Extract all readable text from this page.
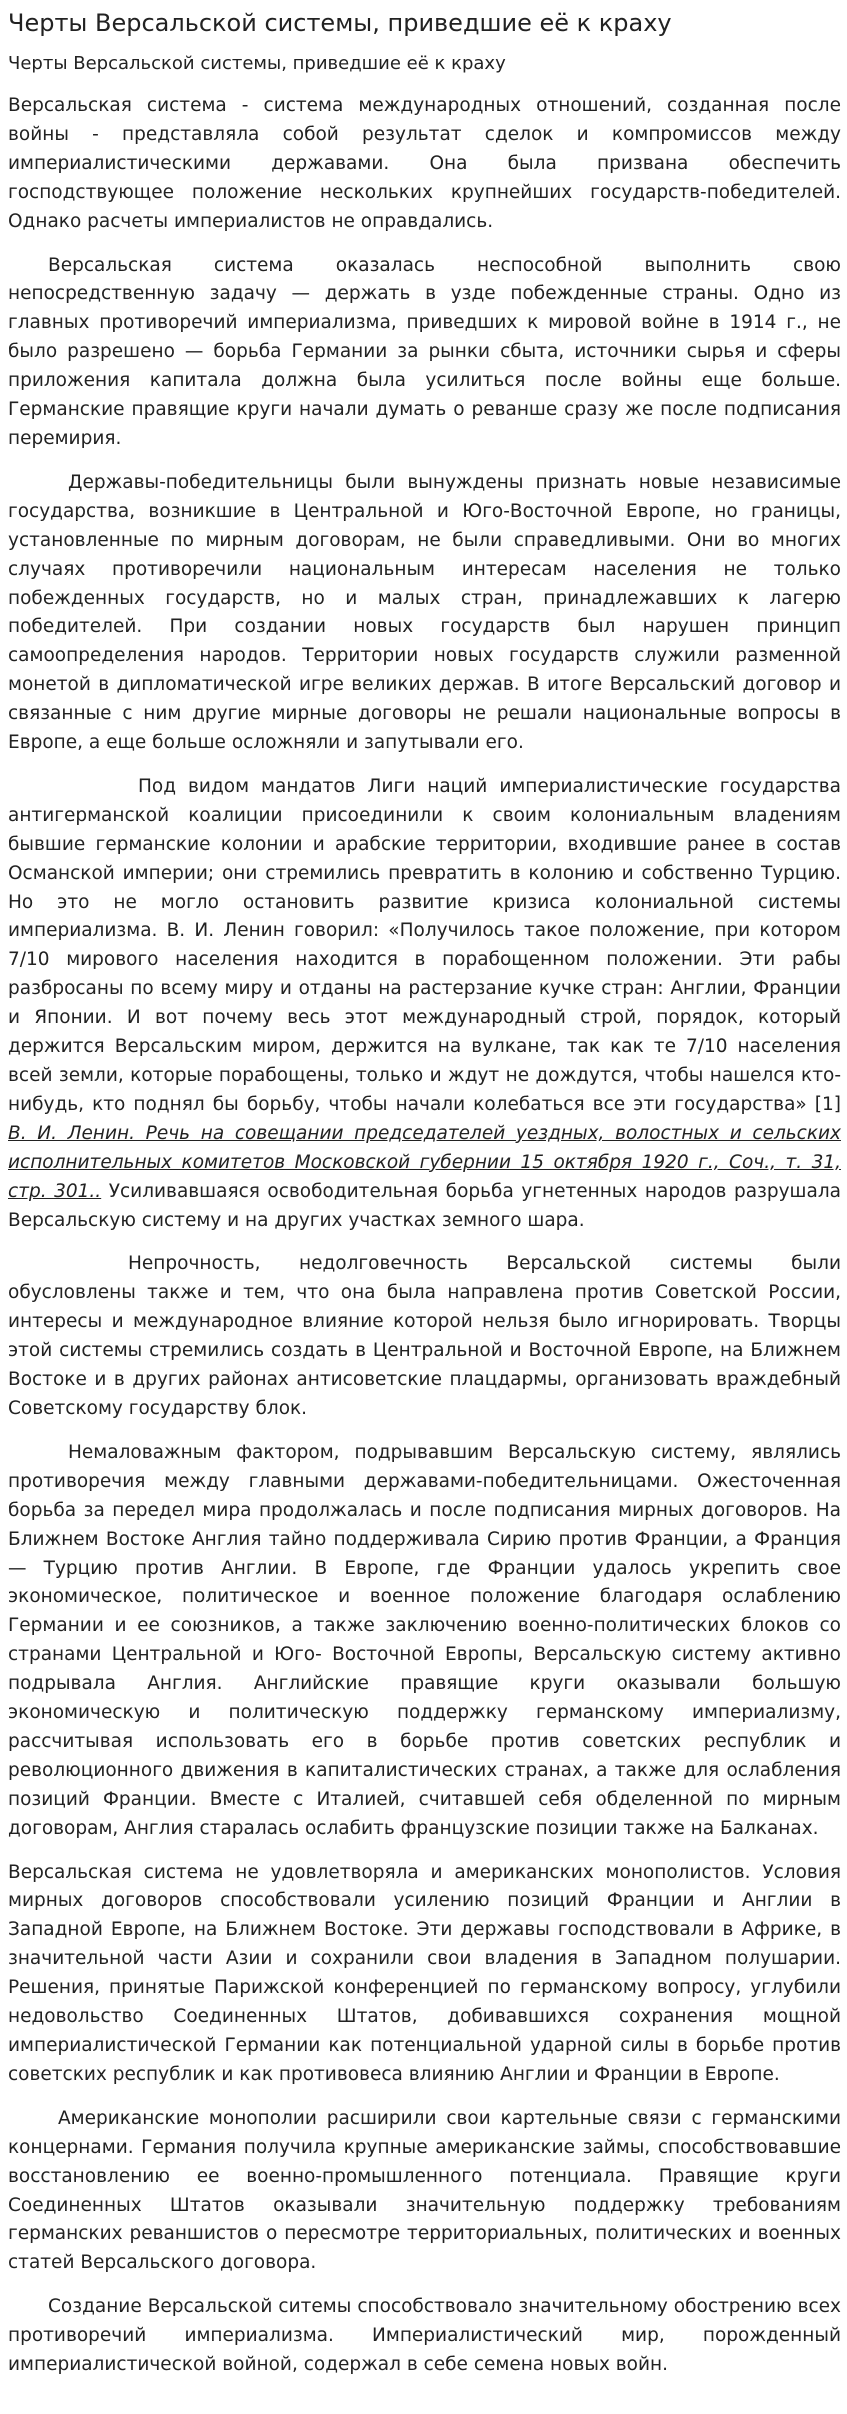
Черты Версальской системы, приведшие её к краху
Черты Версальской системы, приведшие её к краху

Версальская система - система международных отношений, созданная после войны - представляла собой результат сделок и компромиссов между империалистическими державами. Она была призвана обеспечить господствующее положение нескольких крупнейших государств-победителей. Однако расчеты империалистов не оправдались.

Версальская система оказалась неспособной выполнить свою непосредственную задачу — держать в узде побежденные страны. Одно из главных противоречий империализма, приведших к мировой войне в 1914 г., не было разрешено — борьба Германии за рынки сбыта, источники сырья и сферы приложения капитала должна была усилиться после войны еще больше. Германские правящие круги начали думать о реванше сразу же после подписания перемирия.

Державы-победительницы были вынуждены признать новые независимые государства, возникшие в Центральной и Юго-Восточной Европе, но границы, установленные по мирным договорам, не были справедливыми. Они во многих случаях противоречили национальным интересам населения не только побежденных государств, но и малых стран, принадлежавших к лагерю победителей. При создании новых государств был нарушен принцип самоопределения народов. Территории новых государств служили разменной монетой в дипломатической игре великих держав. В итоге Версальский договор и связанные с ним другие мирные договоры не решали национальные вопросы в Европе, а еще больше осложняли и запутывали его.

Под видом мандатов Лиги наций империалистические государства антигерманской коалиции присоединили к своим колониальным владениям бывшие германские колонии и арабские территории, входившие ранее в состав Османской империи; они стремились превратить в колонию и собственно Турцию. Но это не могло остановить развитие кризиса колониальной системы империализма. В. И. Ленин говорил: «Получилось такое положение, при котором 7/10 мирового населения находится в порабощенном положении. Эти рабы разбросаны по всему миру и отданы на растерзание кучке стран: Англии, Франции и Японии. И вот почему весь этот международный строй, порядок, который держится Версальским миром, держится на вулкане, так как те 7/10 населения всей земли, которые порабощены, только и ждут не дождутся, чтобы нашелся кто-нибудь, кто поднял бы борьбу, чтобы начали колебаться все эти государства» [1] В. И. Ленин. Речь на совещании председателей уездных, волостных и сельских исполнительных комитетов Московской губернии 15 октября 1920 г., Соч., т. 31, стр. 301.. Усиливавшаяся освободительная борьба угнетенных народов разрушала Версальскую систему и на других участках земного шара.

Непрочность, недолговечность Версальской системы были обусловлены также и тем, что она была направлена против Советской России, интересы и международное влияние которой нельзя было игнорировать. Творцы этой системы стремились создать в Центральной и Восточной Европе, на Ближнем Востоке и в других районах антисоветские плацдармы, организовать враждебный Советскому государству блок.

Немаловажным фактором, подрывавшим Версальскую систему, являлись противоречия между главными державами-победительницами. Ожесточенная борьба за передел мира продолжалась и после подписания мирных договоров. На Ближнем Востоке Англия тайно поддерживала Сирию против Франции, а Франция — Турцию против Англии. В Европе, где Франции удалось укрепить свое экономическое, политическое и военное положение благодаря ослаблению Германии и ее союзников, а также заключению военно-политических блоков со странами Центральной и Юго- Восточной Европы, Версальскую систему активно подрывала Англия. Английские правящие круги оказывали большую экономическую и политическую поддержку германскому империализму, рассчитывая использовать его в борьбе против советских республик и революционного движения в капиталистических странах, а также для ослабления позиций Франции. Вместе с Италией, считавшей себя обделенной по мирным договорам, Англия старалась ослабить французские позиции также на Балканах.

Версальская система не удовлетворяла и американских монополистов. Условия мирных договоров способствовали усилению позиций Франции и Англии в Западной Европе, на Ближнем Востоке. Эти державы господствовали в Африке, в значительной части Азии и сохранили свои владения в Западном полушарии. Решения, принятые Парижской конференцией по германскому вопросу, углубили недовольство Соединенных Штатов, добивавшихся сохранения мощной империалистической Германии как потенциальной ударной силы в борьбе против советских республик и как противовеса влиянию Англии и Франции в Европе.

Американские монополии расширили свои картельные связи с германскими концернами. Германия получила крупные американские займы, способствовавшие восстановлению ее военно-промышленного потенциала. Правящие круги Соединенных Штатов оказывали значительную поддержку требованиям германских реваншистов о пересмотре территориальных, политических и военных статей Версальского договора.

Создание Версальской ситемы способствовало значительному обострению всех противоречий империализма. Империалистический мир, порожденный империалистической войной, содержал в себе семена новых войн.
